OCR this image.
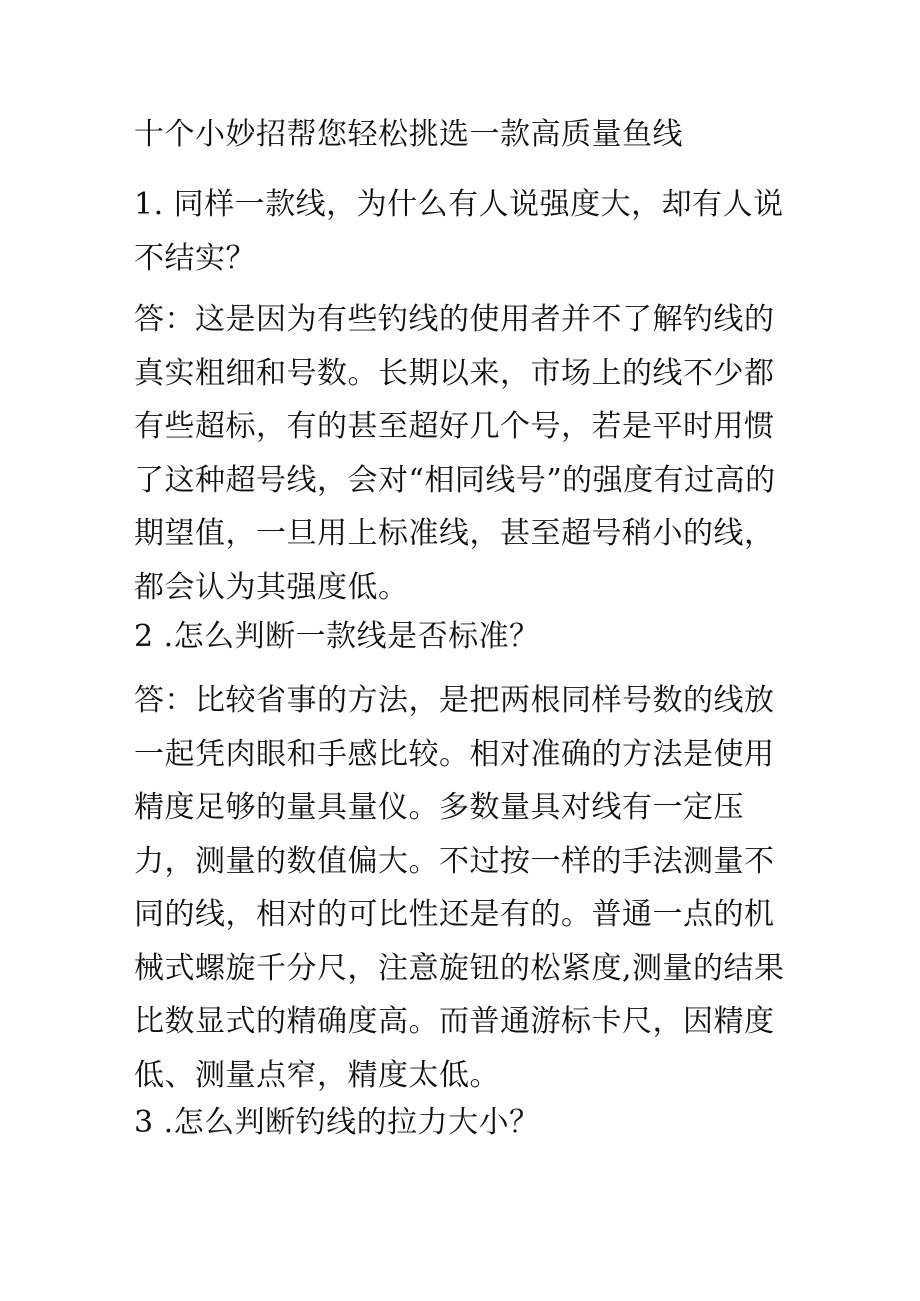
十个小妙招帮您轻松挑选一款高质量鱼线

1. 同样一款线，为什么有人说强度大，却有人说不结实？

答：这是因为有些钓线的使用者并不了解钓线的真实粗细和号数。长期以来，市场上的线不少都有些超标，有的甚至超好几个号，若是平时用惯了这种超号线，会对“相同线号”的强度有过高的期望值，一旦用上标准线，甚至超号稍小的线，都会认为其强度低。

2 .怎么判断一款线是否标准？

答：比较省事的方法，是把两根同样号数的线放一起凭肉眼和手感比较。相对准确的方法是使用精度足够的量具量仪。多数量具对线有一定压力，测量的数值偏大。不过按一样的手法测量不同的线，相对的可比性还是有的。普通一点的机械式螺旋千分尺，注意旋钮的松紧度,测量的结果比数显式的精确度高。而普通游标卡尺，因精度低、测量点窄，精度太低。

3 .怎么判断钓线的拉力大小？
